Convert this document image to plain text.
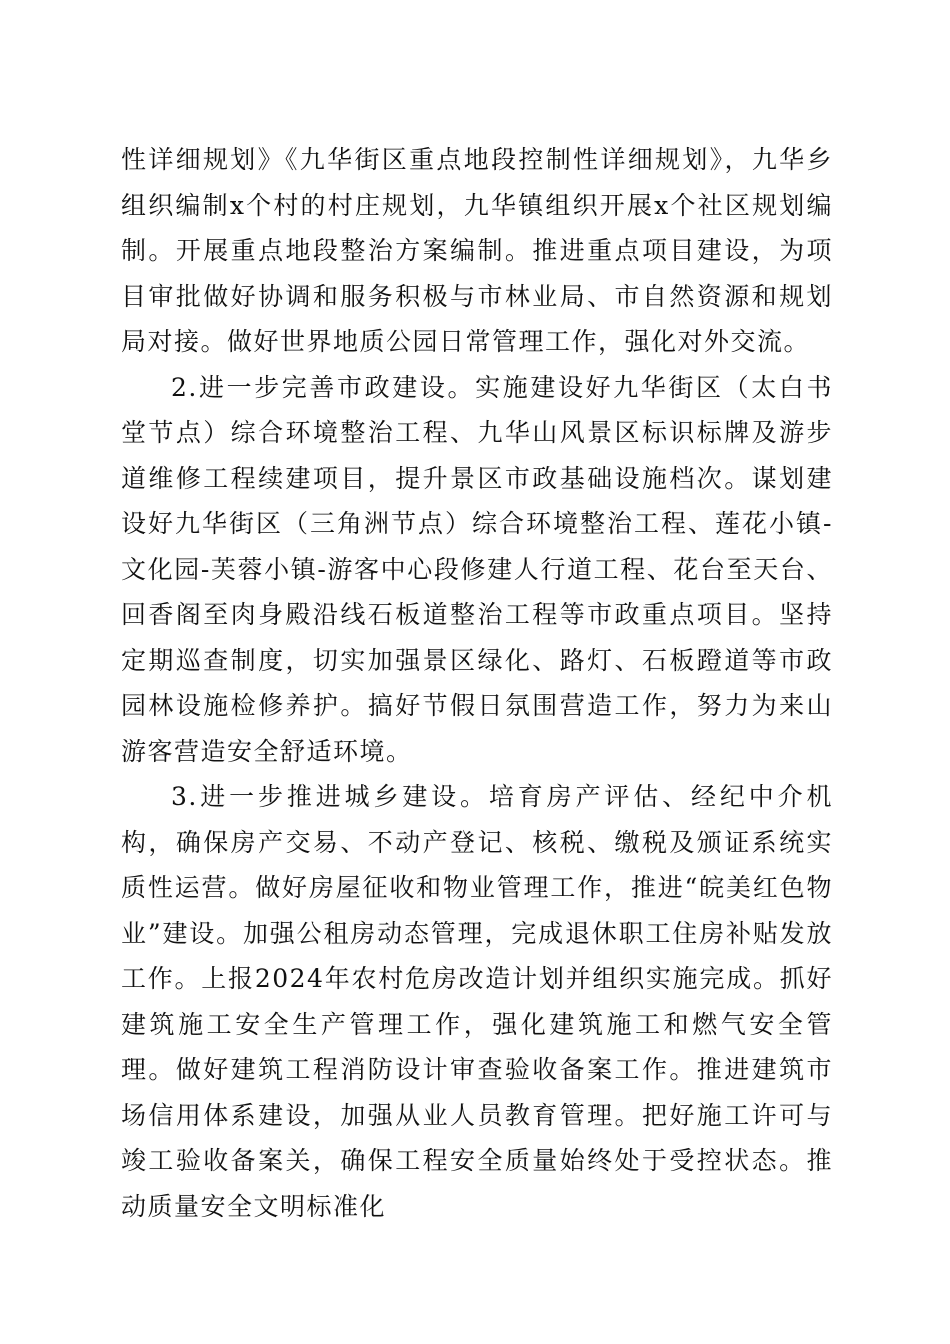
性详细规划》《九华街区重点地段控制性详细规划》，九华乡组织编制x个村的村庄规划，九华镇组织开展x个社区规划编制。开展重点地段整治方案编制。推进重点项目建设，为项目审批做好协调和服务积极与市林业局、市自然资源和规划局对接。做好世界地质公园日常管理工作，强化对外交流。

2.进一步完善市政建设。实施建设好九华街区（太白书堂节点）综合环境整治工程、九华山风景区标识标牌及游步道维修工程续建项目，提升景区市政基础设施档次。谋划建设好九华街区（三角洲节点）综合环境整治工程、莲花小镇-文化园-芙蓉小镇-游客中心段修建人行道工程、花台至天台、回香阁至肉身殿沿线石板道整治工程等市政重点项目。坚持定期巡查制度，切实加强景区绿化、路灯、石板蹬道等市政园林设施检修养护。搞好节假日氛围营造工作，努力为来山游客营造安全舒适环境。

3.进一步推进城乡建设。培育房产评估、经纪中介机构，确保房产交易、不动产登记、核税、缴税及颁证系统实质性运营。做好房屋征收和物业管理工作，推进“皖美红色物业”建设。加强公租房动态管理，完成退休职工住房补贴发放工作。上报2024年农村危房改造计划并组织实施完成。抓好建筑施工安全生产管理工作，强化建筑施工和燃气安全管理。做好建筑工程消防设计审查验收备案工作。推进建筑市场信用体系建设，加强从业人员教育管理。把好施工许可与竣工验收备案关，确保工程安全质量始终处于受控状态。推动质量安全文明标准化
